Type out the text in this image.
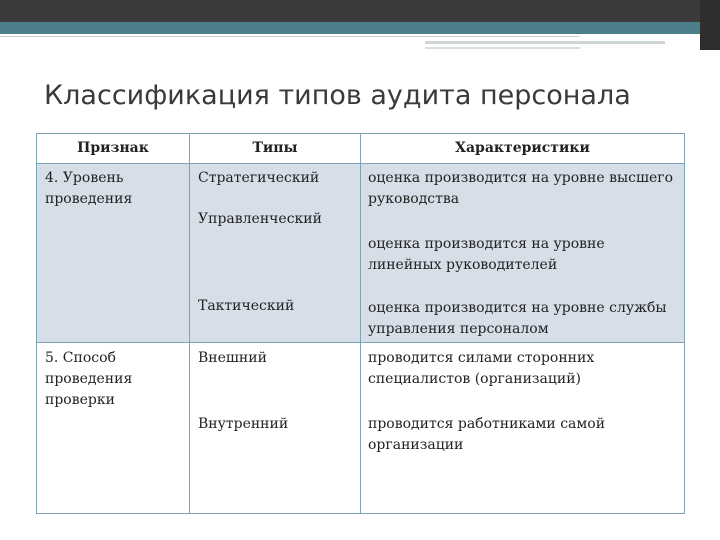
Классификация типов аудита персонала
Признак	Типы	Характеристики
4. Уровень проведения
Стратегический
Управленческий
Тактический
оценка производится на уровне высшего руководства
оценка производится на уровне линейных руководителей
оценка производится на уровне службы управления персоналом
5. Способ проведения проверки
Внешний
Внутренний
проводится силами сторонних специалистов (организаций)
проводится работниками самой организации
